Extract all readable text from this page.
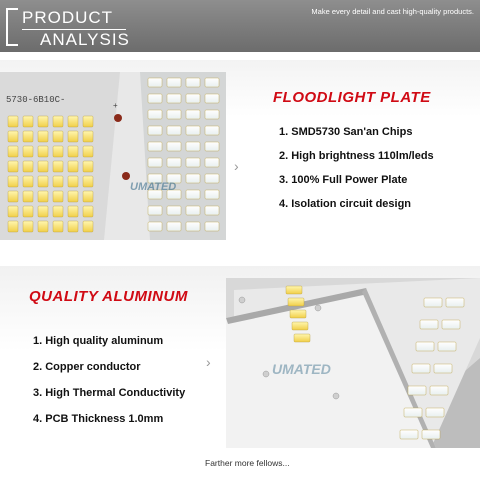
PRODUCT
ANALYSIS
Make every detail and cast high-quality products.
5730-6B10C-
+
UMATED
›
FLOODLIGHT PLATE
1. SMD5730 San'an Chips
2. High brightness 110lm/leds
3. 100% Full Power Plate
4. Isolation circuit design
QUALITY ALUMINUM
1. High quality aluminum
2. Copper conductor
3. High Thermal Conductivity
4. PCB Thickness 1.0mm
›	UMATED
Farther more fellows...
